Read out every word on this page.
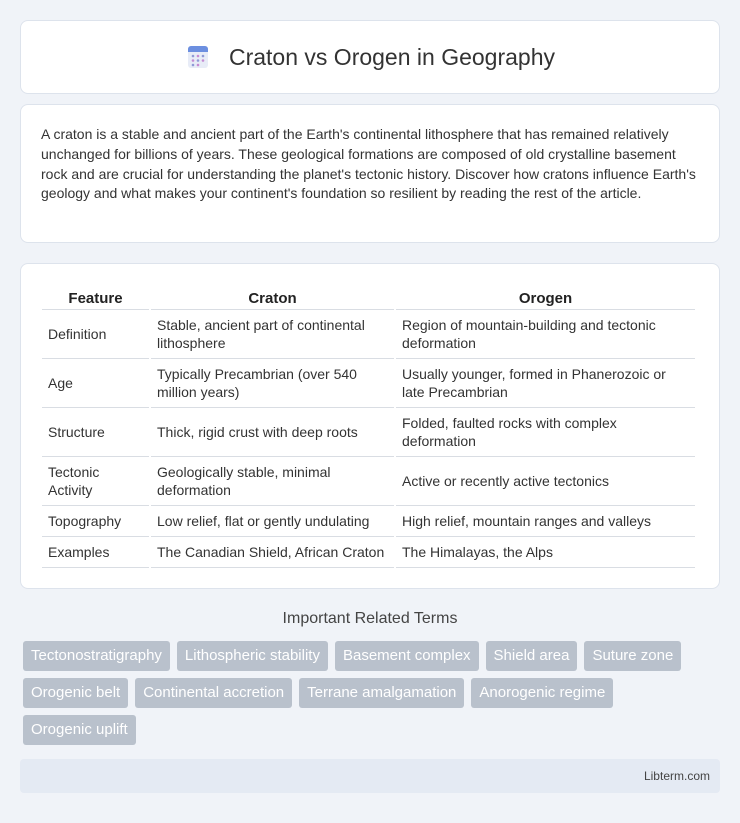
Craton vs Orogen in Geography

A craton is a stable and ancient part of the Earth's continental lithosphere that has remained relatively unchanged for billions of years. These geological formations are composed of old crystalline basement rock and are crucial for understanding the planet's tectonic history. Discover how cratons influence Earth's geology and what makes your continent's foundation so resilient by reading the rest of the article.

Feature	Craton	Orogen
Definition	Stable, ancient part of continental lithosphere	Region of mountain-building and tectonic deformation
Age	Typically Precambrian (over 540 million years)	Usually younger, formed in Phanerozoic or late Precambrian
Structure	Thick, rigid crust with deep roots	Folded, faulted rocks with complex deformation
Tectonic Activity	Geologically stable, minimal deformation	Active or recently active tectonics
Topography	Low relief, flat or gently undulating	High relief, mountain ranges and valleys
Examples	The Canadian Shield, African Craton	The Himalayas, the Alps
Important Related Terms
Tectonostratigraphy	Lithospheric stability	Basement complex	Shield area	Suture zone
Orogenic belt	Continental accretion	Terrane amalgamation	Anorogenic regime
Orogenic uplift
Libterm.com
